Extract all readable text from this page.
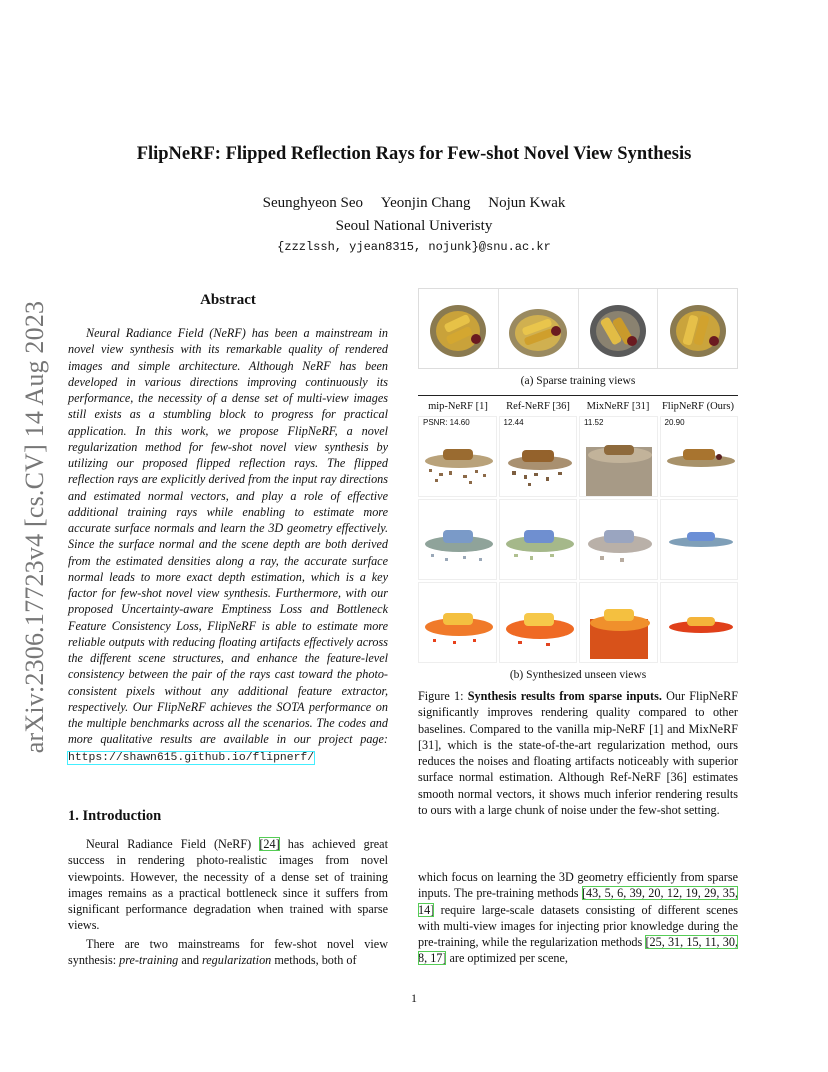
arXiv:2306.17723v4 [cs.CV] 14 Aug 2023
FlipNeRF: Flipped Reflection Rays for Few-shot Novel View Synthesis
Seunghyeon Seo Yeonjin Chang Nojun Kwak
Seoul National Univeristy
{zzzlssh, yjean8315, nojunk}@snu.ac.kr
Abstract
Neural Radiance Field (NeRF) has been a mainstream in novel view synthesis with its remarkable quality of rendered images and simple architecture. Although NeRF has been developed in various directions improving continuously its performance, the necessity of a dense set of multi-view images still exists as a stumbling block to progress for practical application. In this work, we propose FlipNeRF, a novel regularization method for few-shot novel view synthesis by utilizing our proposed flipped reflection rays. The flipped reflection rays are explicitly derived from the input ray directions and estimated normal vectors, and play a role of effective additional training rays while enabling to estimate more accurate surface normals and learn the 3D geometry effectively. Since the surface normal and the scene depth are both derived from the estimated densities along a ray, the accurate surface normal leads to more exact depth estimation, which is a key factor for few-shot novel view synthesis. Furthermore, with our proposed Uncertainty-aware Emptiness Loss and Bottleneck Feature Consistency Loss, FlipNeRF is able to estimate more reliable outputs with reducing floating artifacts effectively across the different scene structures, and enhance the feature-level consistency between the pair of the rays cast toward the photo-consistent pixels without any additional feature extractor, respectively. Our FlipNeRF achieves the SOTA performance on the multiple benchmarks across all the scenarios. The codes and more qualitative results are available in our project page: https://shawn615.github.io/flipnerf/
1. Introduction

Neural Radiance Field (NeRF) [24] has achieved great success in rendering photo-realistic images from novel viewpoints. However, the necessity of a dense set of training images remains as a practical bottleneck since it suffers from significant performance degradation when trained with sparse views.

There are two mainstreams for few-shot novel view synthesis: pre-training and regularization methods, both of

(a) Sparse training views
mip-NeRF [1]	Ref-NeRF [36]	MixNeRF [31]	FlipNeRF (Ours)
PSNR: 14.60	12.44	11.52	20.90
(b) Synthesized unseen views
Figure 1: Synthesis results from sparse inputs. Our FlipNeRF significantly improves rendering quality compared to other baselines. Compared to the vanilla mip-NeRF [1] and MixNeRF [31], which is the state-of-the-art regularization method, ours reduces the noises and floating artifacts noticeably with superior surface normal estimation. Although Ref-NeRF [36] estimates smooth normal vectors, it shows much inferior rendering results to ours with a large chunk of noise under the few-shot setting.
which focus on learning the 3D geometry efficiently from sparse inputs. The pre-training methods [43, 5, 6, 39, 20, 12, 19, 29, 35, 14] require large-scale datasets consisting of different scenes with multi-view images for injecting prior knowledge during the pre-training, while the regularization methods [25, 31, 15, 11, 30, 8, 17] are optimized per scene,
1
